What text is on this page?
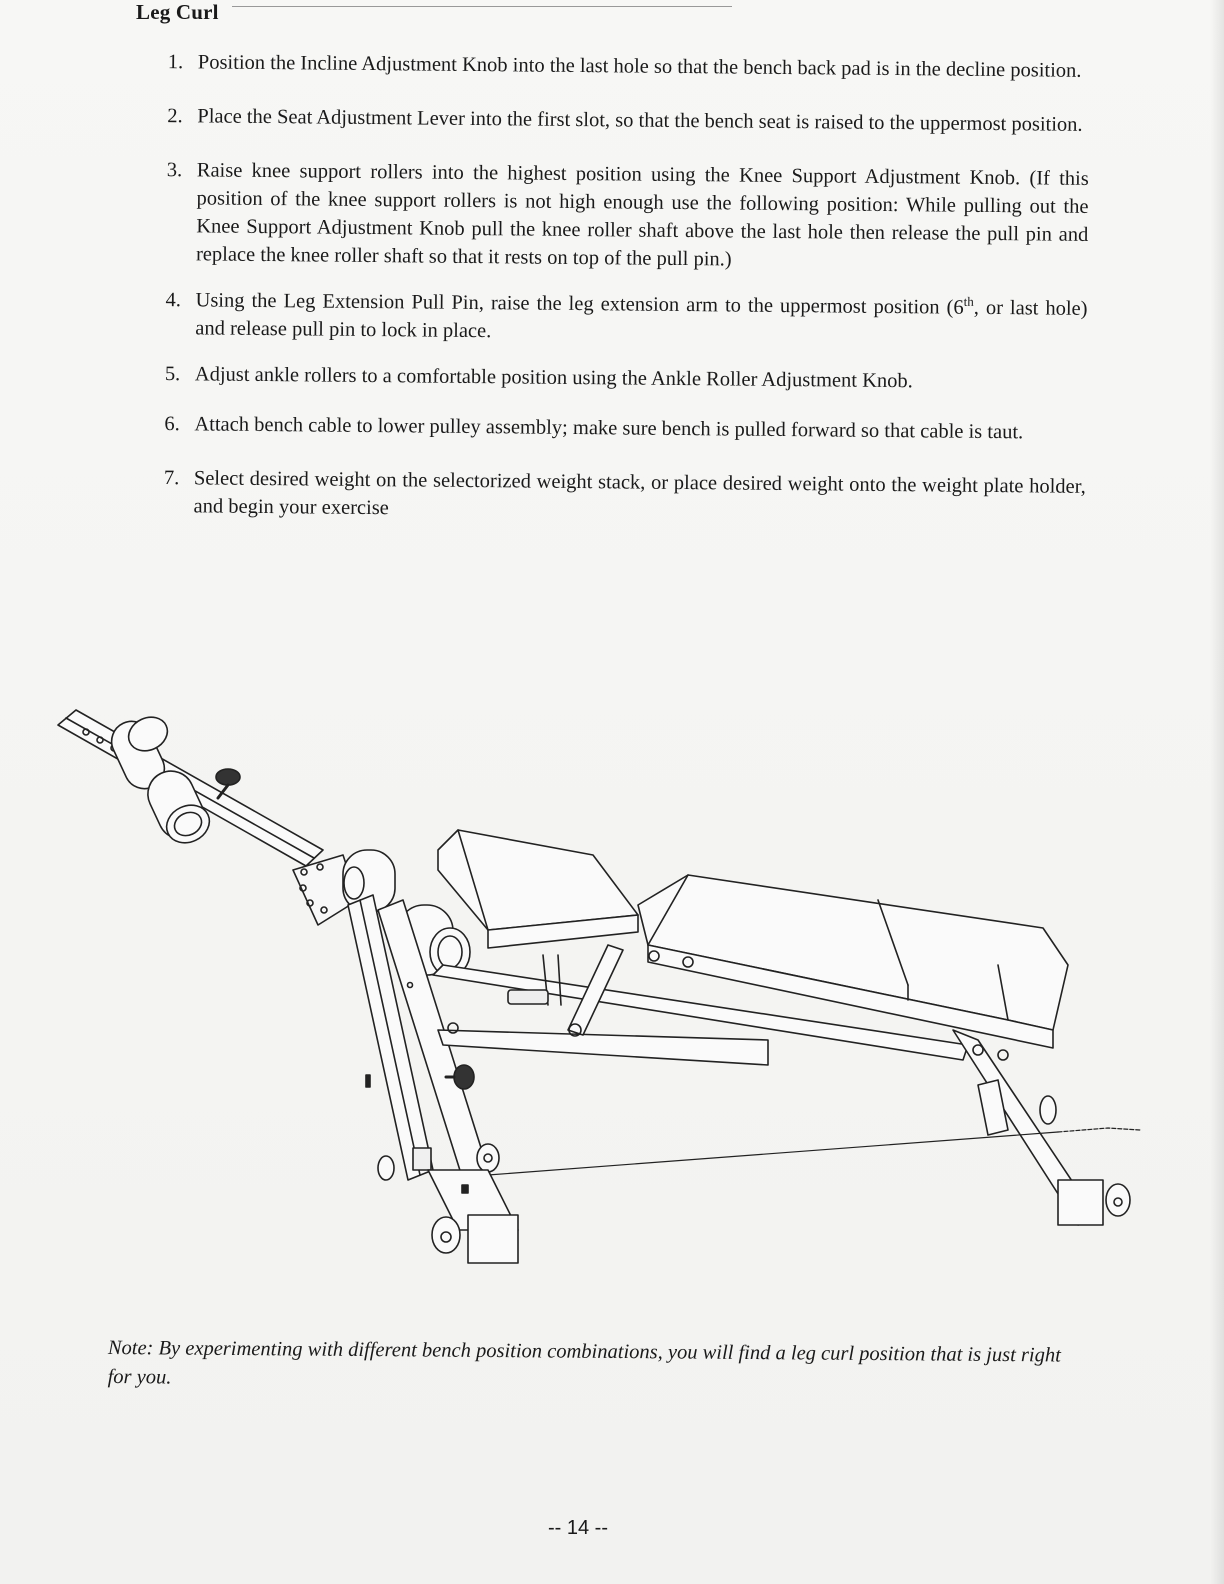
Leg Curl
1. Position the Incline Adjustment Knob into the last hole so that the bench back pad is in the decline position.
2. Place the Seat Adjustment Lever into the first slot, so that the bench seat is raised to the uppermost position.
3. Raise knee support rollers into the highest position using the Knee Support Adjustment Knob. (If this position of the knee support rollers is not high enough use the following position: While pulling out the Knee Support Adjustment Knob pull the knee roller shaft above the last hole then release the pull pin and replace the knee roller shaft so that it rests on top of the pull pin.)
4. Using the Leg Extension Pull Pin, raise the leg extension arm to the uppermost position (6th, or last hole) and release pull pin to lock in place.
5. Adjust ankle rollers to a comfortable position using the Ankle Roller Adjustment Knob.
6. Attach bench cable to lower pulley assembly; make sure bench is pulled forward so that cable is taut.
7. Select desired weight on the selectorized weight stack, or place desired weight onto the weight plate holder, and begin your exercise
Note: By experimenting with different bench position combinations, you will find a leg curl position that is just right for you.
-- 14 --
